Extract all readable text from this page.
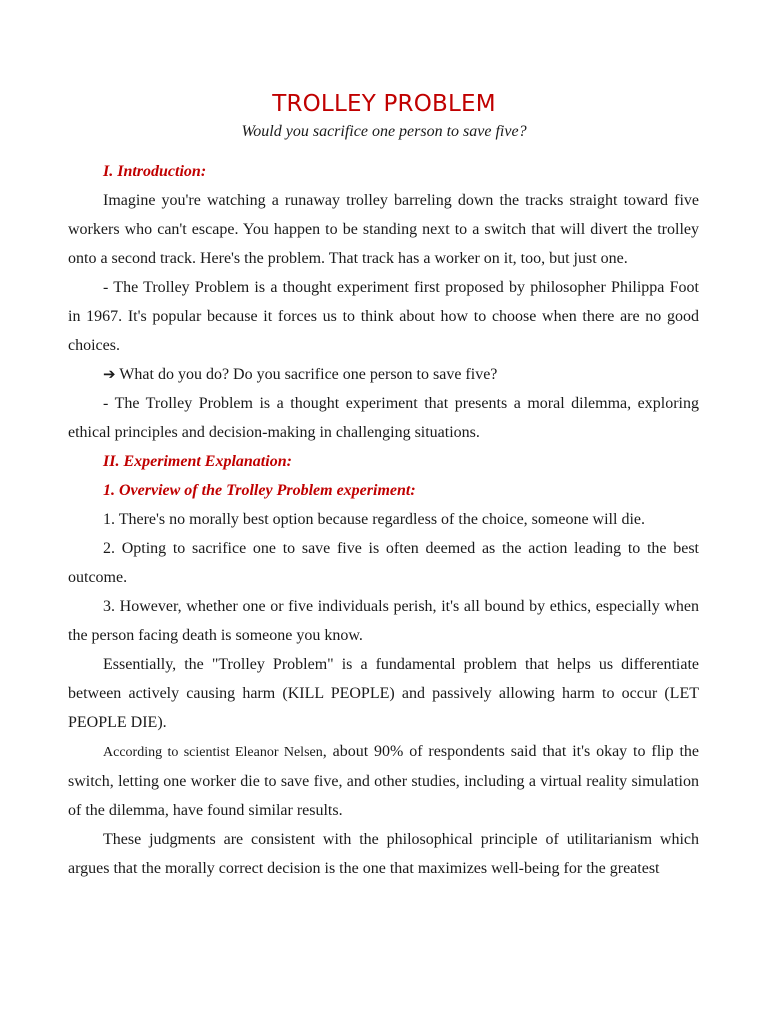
TROLLEY PROBLEM
Would you sacrifice one person to save five?

I. Introduction:

Imagine you're watching a runaway trolley barreling down the tracks straight toward five workers who can't escape. You happen to be standing next to a switch that will divert the trolley onto a second track. Here's the problem. That track has a worker on it, too, but just one.

- The Trolley Problem is a thought experiment first proposed by philosopher Philippa Foot in 1967. It's popular because it forces us to think about how to choose when there are no good choices.

➔ What do you do? Do you sacrifice one person to save five?

- The Trolley Problem is a thought experiment that presents a moral dilemma, exploring ethical principles and decision-making in challenging situations.

II. Experiment Explanation:

1. Overview of the Trolley Problem experiment:

1. There's no morally best option because regardless of the choice, someone will die.

2. Opting to sacrifice one to save five is often deemed as the action leading to the best outcome.

3. However, whether one or five individuals perish, it's all bound by ethics, especially when the person facing death is someone you know.

Essentially, the "Trolley Problem" is a fundamental problem that helps us differentiate between actively causing harm (KILL PEOPLE) and passively allowing harm to occur (LET PEOPLE DIE).

According to scientist Eleanor Nelsen, about 90% of respondents said that it's okay to flip the switch, letting one worker die to save five, and other studies, including a virtual reality simulation of the dilemma, have found similar results.

These judgments are consistent with the philosophical principle of utilitarianism which argues that the morally correct decision is the one that maximizes well-being for the greatest
